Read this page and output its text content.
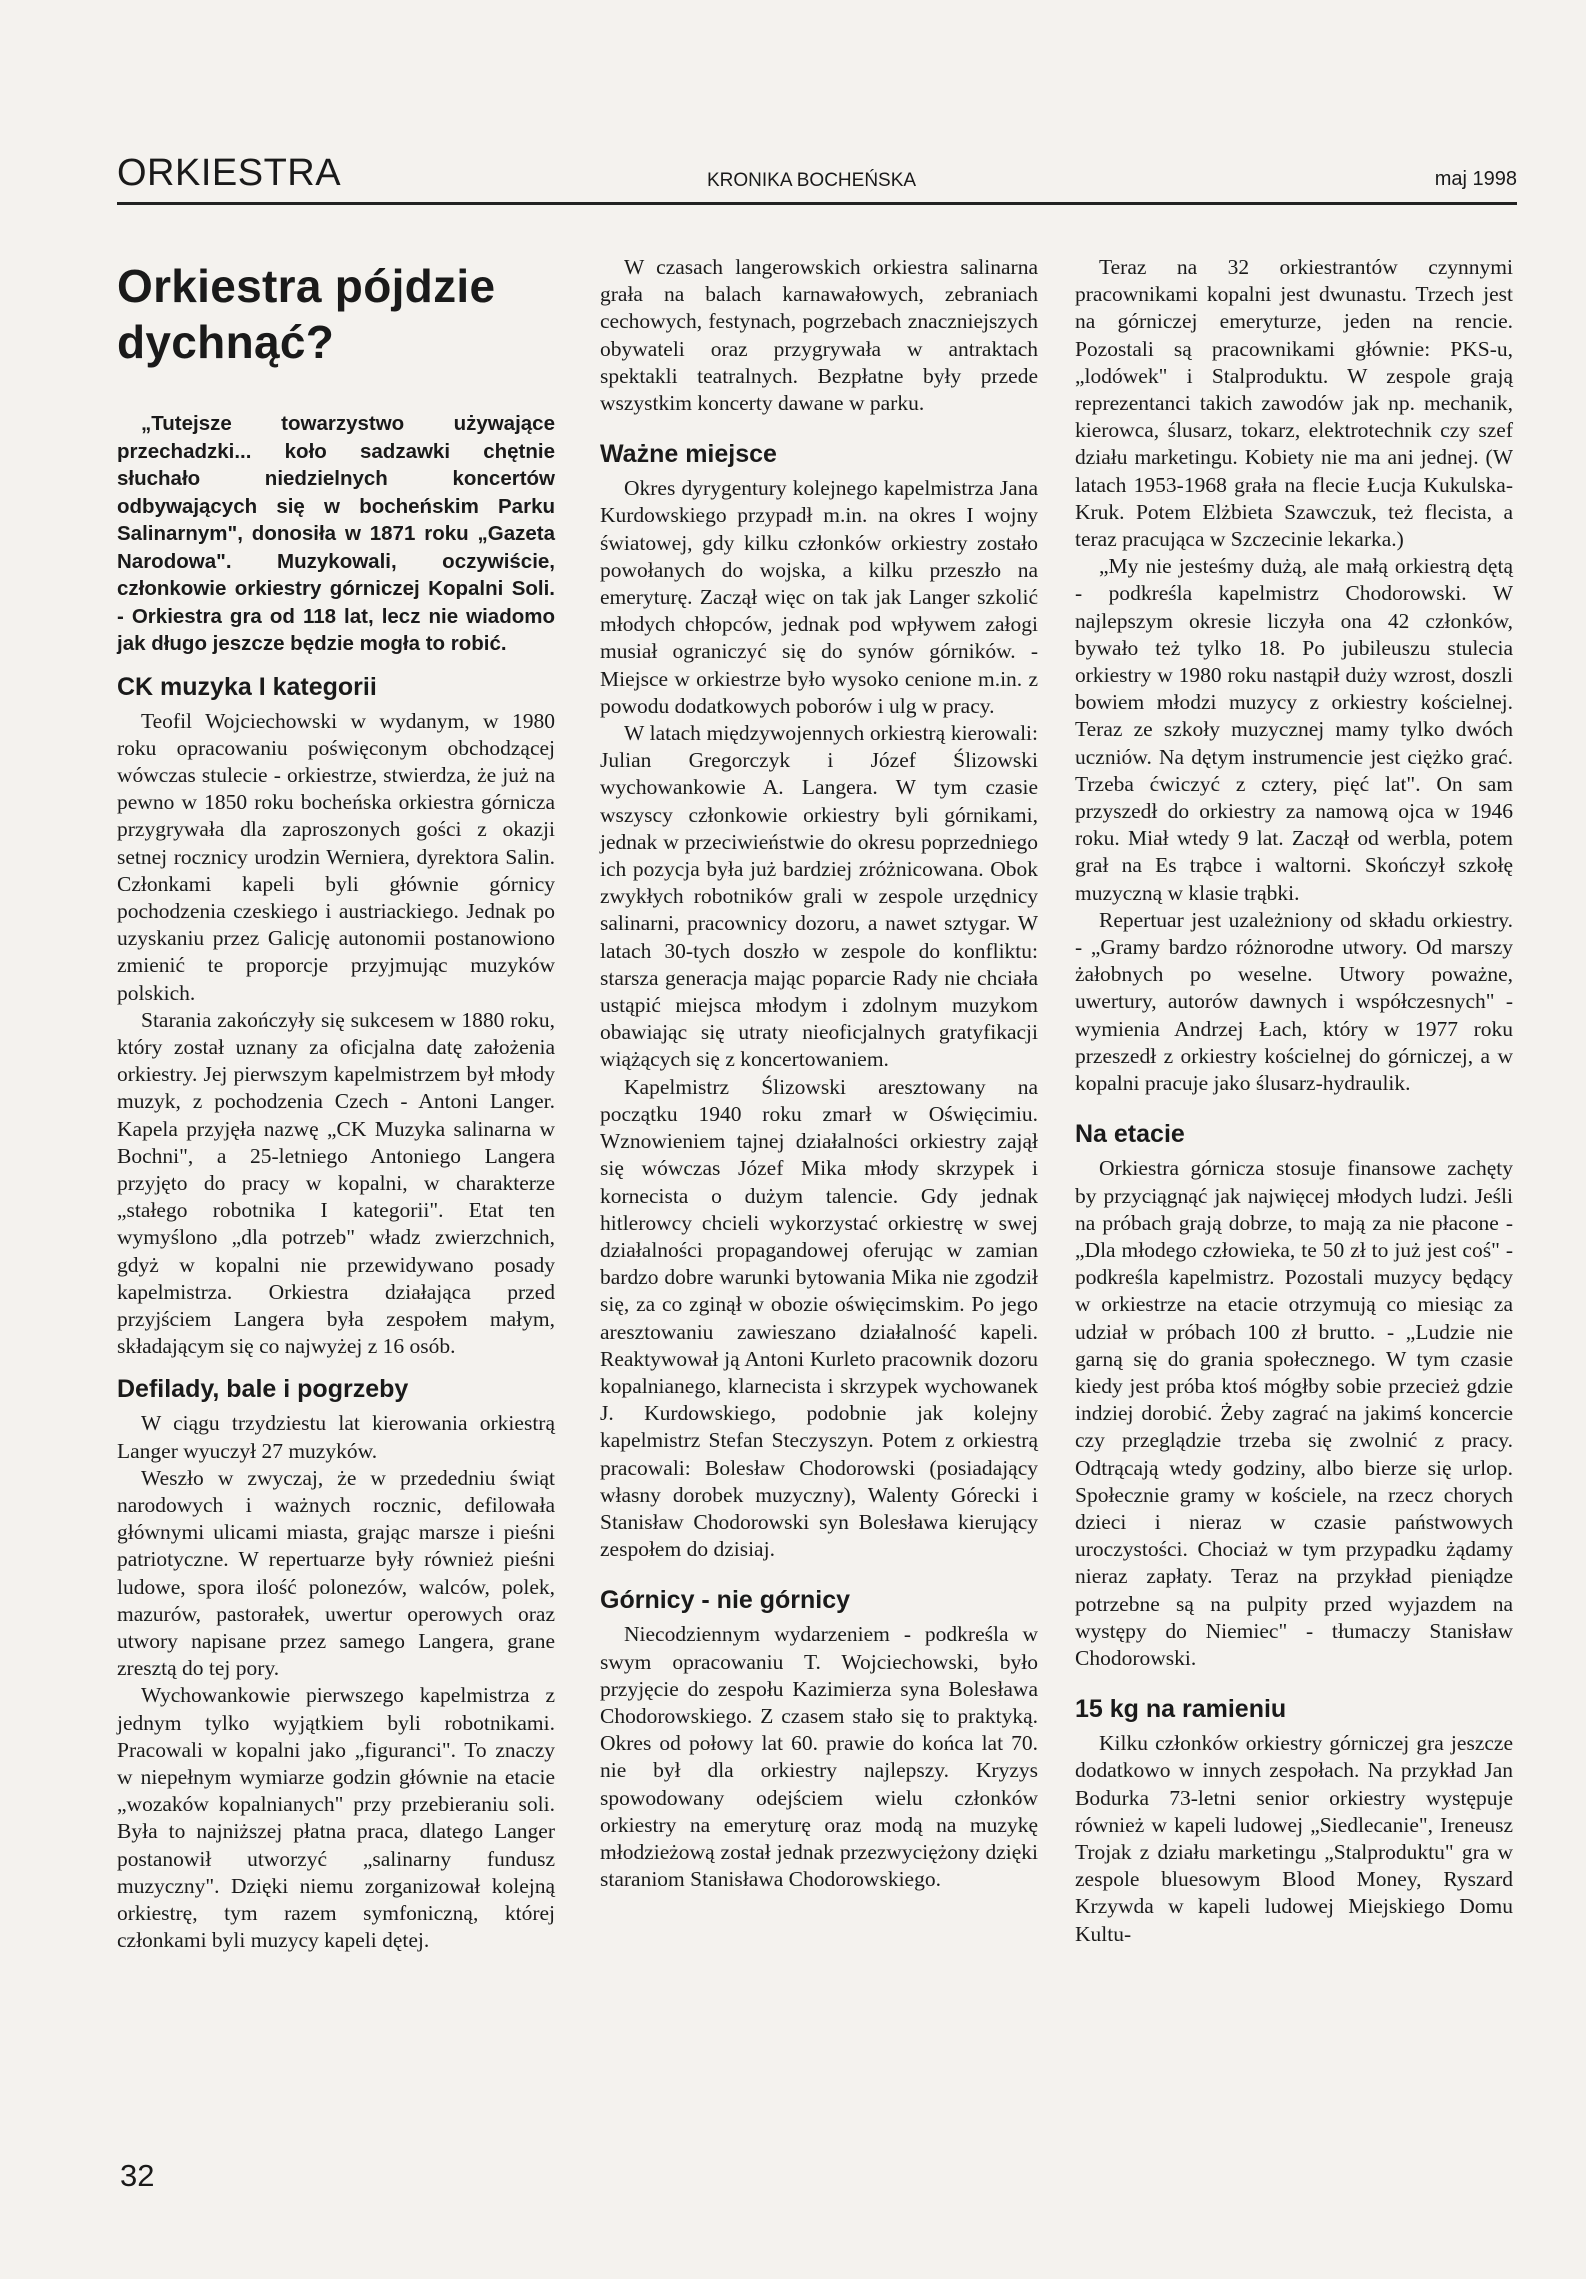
ORKIESTRA	KRONIKA BOCHEŃSKA	maj 1998
Orkiestra pójdzie dychnąć?

„Tutejsze towarzystwo używające przechadzki... koło sadzawki chętnie słuchało niedzielnych koncertów odbywających się w bocheńskim Parku Salinarnym", donosiła w 1871 roku „Gazeta Narodowa". Muzykowali, oczywiście, członkowie orkiestry górniczej Kopalni Soli. - Orkiestra gra od 118 lat, lecz nie wiadomo jak długo jeszcze będzie mogła to robić.

CK muzyka I kategorii

Teofil Wojciechowski w wydanym, w 1980 roku opracowaniu poświęconym obchodzącej wówczas stulecie - orkiestrze, stwierdza, że już na pewno w 1850 roku bocheńska orkiestra górnicza przygrywała dla zaproszonych gości z okazji setnej rocznicy urodzin Werniera, dyrektora Salin. Członkami kapeli byli głównie górnicy pochodzenia czeskiego i austriackiego. Jednak po uzyskaniu przez Galicję autonomii postanowiono zmienić te proporcje przyjmując muzyków polskich.

Starania zakończyły się sukcesem w 1880 roku, który został uznany za oficjalna datę założenia orkiestry. Jej pierwszym kapelmistrzem był młody muzyk, z pochodzenia Czech - Antoni Langer. Kapela przyjęła nazwę „CK Muzyka salinarna w Bochni", a 25-letniego Antoniego Langera przyjęto do pracy w kopalni, w charakterze „stałego robotnika I kategorii". Etat ten wymyślono „dla potrzeb" władz zwierzchnich, gdyż w kopalni nie przewidywano posady kapelmistrza. Orkiestra działająca przed przyjściem Langera była zespołem małym, składającym się co najwyżej z 16 osób.

Defilady, bale i pogrzeby

W ciągu trzydziestu lat kierowania orkiestrą Langer wyuczył 27 muzyków.

Weszło w zwyczaj, że w przededniu świąt narodowych i ważnych rocznic, defilowała głównymi ulicami miasta, grając marsze i pieśni patriotyczne. W repertuarze były również pieśni ludowe, spora ilość polonezów, walców, polek, mazurów, pastorałek, uwertur operowych oraz utwory napisane przez samego Langera, grane zresztą do tej pory.

Wychowankowie pierwszego kapelmistrza z jednym tylko wyjątkiem byli robotnikami. Pracowali w kopalni jako „figuranci". To znaczy w niepełnym wymiarze godzin głównie na etacie „wozaków kopalnianych" przy przebieraniu soli. Była to najniższej płatna praca, dlatego Langer postanowił utworzyć „salinarny fundusz muzyczny". Dzięki niemu zorganizował kolejną orkiestrę, tym razem symfoniczną, której członkami byli muzycy kapeli dętej.

W czasach langerowskich orkiestra salinarna grała na balach karnawałowych, zebraniach cechowych, festynach, pogrzebach znaczniejszych obywateli oraz przygrywała w antraktach spektakli teatralnych. Bezpłatne były przede wszystkim koncerty dawane w parku.

Ważne miejsce

Okres dyrygentury kolejnego kapelmistrza Jana Kurdowskiego przypadł m.in. na okres I wojny światowej, gdy kilku członków orkiestry zostało powołanych do wojska, a kilku przeszło na emeryturę. Zaczął więc on tak jak Langer szkolić młodych chłopców, jednak pod wpływem załogi musiał ograniczyć się do synów górników. - Miejsce w orkiestrze było wysoko cenione m.in. z powodu dodatkowych poborów i ulg w pracy.

W latach międzywojennych orkiestrą kierowali: Julian Gregorczyk i Józef Ślizowski wychowankowie A. Langera. W tym czasie wszyscy członkowie orkiestry byli górnikami, jednak w przeciwieństwie do okresu poprzedniego ich pozycja była już bardziej zróżnicowana. Obok zwykłych robotników grali w zespole urzędnicy salinarni, pracownicy dozoru, a nawet sztygar. W latach 30-tych doszło w zespole do konfliktu: starsza generacja mając poparcie Rady nie chciała ustąpić miejsca młodym i zdolnym muzykom obawiając się utraty nieoficjalnych gratyfikacji wiążących się z koncertowaniem.

Kapelmistrz Ślizowski aresztowany na początku 1940 roku zmarł w Oświęcimiu. Wznowieniem tajnej działalności orkiestry zajął się wówczas Józef Mika młody skrzypek i kornecista o dużym talencie. Gdy jednak hitlerowcy chcieli wykorzystać orkiestrę w swej działalności propagandowej oferując w zamian bardzo dobre warunki bytowania Mika nie zgodził się, za co zginął w obozie oświęcimskim. Po jego aresztowaniu zawieszano działalność kapeli. Reaktywował ją Antoni Kurleto pracownik dozoru kopalnianego, klarnecista i skrzypek wychowanek J. Kurdowskiego, podobnie jak kolejny kapelmistrz Stefan Steczyszyn. Potem z orkiestrą pracowali: Bolesław Chodorowski (posiadający własny dorobek muzyczny), Walenty Górecki i Stanisław Chodorowski syn Bolesława kierujący zespołem do dzisiaj.

Górnicy - nie górnicy

Niecodziennym wydarzeniem - podkreśla w swym opracowaniu T. Wojciechowski, było przyjęcie do zespołu Kazimierza syna Bolesława Chodorowskiego. Z czasem stało się to praktyką. Okres od połowy lat 60. prawie do końca lat 70. nie był dla orkiestry najlepszy. Kryzys spowodowany odejściem wielu członków orkiestry na emeryturę oraz modą na muzykę młodzieżową został jednak przezwyciężony dzięki staraniom Stanisława Chodorowskiego.

Teraz na 32 orkiestrantów czynnymi pracownikami kopalni jest dwunastu. Trzech jest na górniczej emeryturze, jeden na rencie. Pozostali są pracownikami głównie: PKS-u, „lodówek" i Stalproduktu. W zespole grają reprezentanci takich zawodów jak np. mechanik, kierowca, ślusarz, tokarz, elektrotechnik czy szef działu marketingu. Kobiety nie ma ani jednej. (W latach 1953-1968 grała na flecie Łucja Kukulska-Kruk. Potem Elżbieta Szawczuk, też flecista, a teraz pracująca w Szczecinie lekarka.)

„My nie jesteśmy dużą, ale małą orkiestrą dętą - podkreśla kapelmistrz Chodorowski. W najlepszym okresie liczyła ona 42 członków, bywało też tylko 18. Po jubileuszu stulecia orkiestry w 1980 roku nastąpił duży wzrost, doszli bowiem młodzi muzycy z orkiestry kościelnej. Teraz ze szkoły muzycznej mamy tylko dwóch uczniów. Na dętym instrumencie jest ciężko grać. Trzeba ćwiczyć z cztery, pięć lat". On sam przyszedł do orkiestry za namową ojca w 1946 roku. Miał wtedy 9 lat. Zaczął od werbla, potem grał na Es trąbce i waltorni. Skończył szkołę muzyczną w klasie trąbki.

Repertuar jest uzależniony od składu orkiestry. - „Gramy bardzo różnorodne utwory. Od marszy żałobnych po weselne. Utwory poważne, uwertury, autorów dawnych i współczesnych" - wymienia Andrzej Łach, który w 1977 roku przeszedł z orkiestry kościelnej do górniczej, a w kopalni pracuje jako ślusarz-hydraulik.

Na etacie

Orkiestra górnicza stosuje finansowe zachęty by przyciągnąć jak najwięcej młodych ludzi. Jeśli na próbach grają dobrze, to mają za nie płacone - „Dla młodego człowieka, te 50 zł to już jest coś" - podkreśla kapelmistrz. Pozostali muzycy będący w orkiestrze na etacie otrzymują co miesiąc za udział w próbach 100 zł brutto. - „Ludzie nie garną się do grania społecznego. W tym czasie kiedy jest próba ktoś mógłby sobie przecież gdzie indziej dorobić. Żeby zagrać na jakimś koncercie czy przeglądzie trzeba się zwolnić z pracy. Odtrącają wtedy godziny, albo bierze się urlop. Społecznie gramy w kościele, na rzecz chorych dzieci i nieraz w czasie państwowych uroczystości. Chociaż w tym przypadku żądamy nieraz zapłaty. Teraz na przykład pieniądze potrzebne są na pulpity przed wyjazdem na występy do Niemiec" - tłumaczy Stanisław Chodorowski.

15 kg na ramieniu

Kilku członków orkiestry górniczej gra jeszcze dodatkowo w innych zespołach. Na przykład Jan Bodurka 73-letni senior orkiestry występuje również w kapeli ludowej „Siedlecanie", Ireneusz Trojak z działu marketingu „Stalproduktu" gra w zespole bluesowym Blood Money, Ryszard Krzywda w kapeli ludowej Miejskiego Domu Kultu-

32
